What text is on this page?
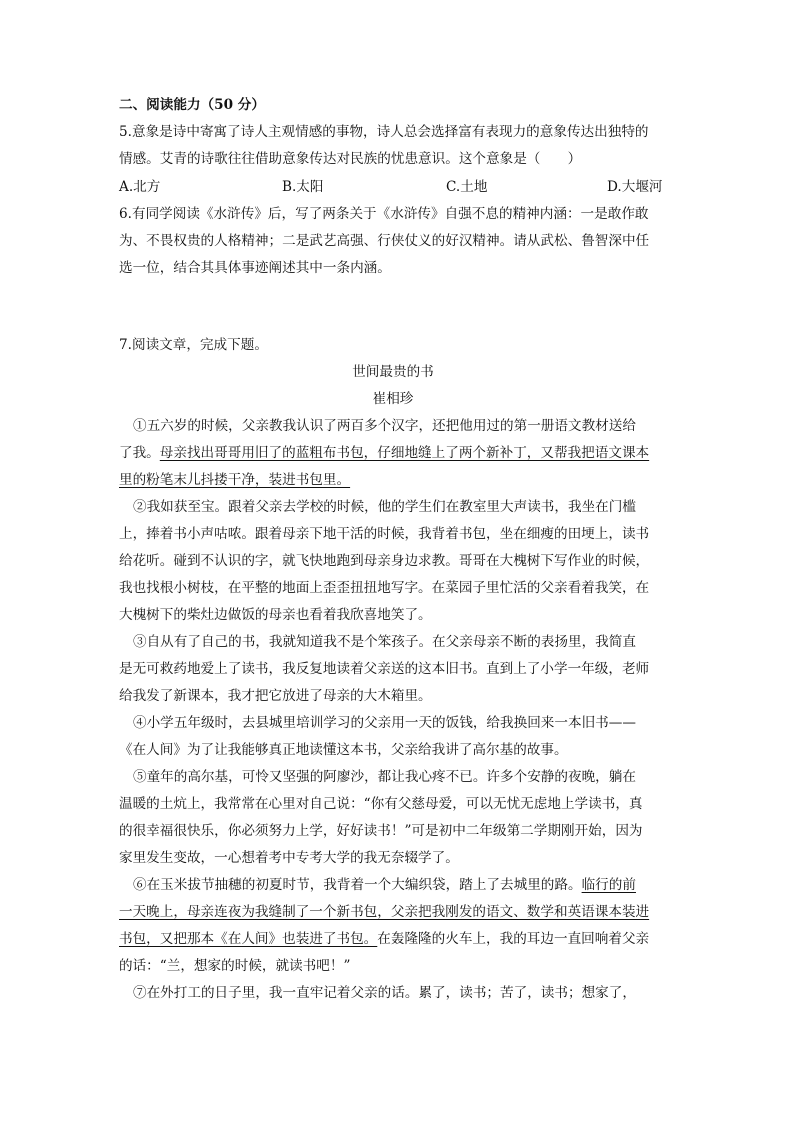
二、阅读能力（50 分）
5.意象是诗中寄寓了诗人主观情感的事物，诗人总会选择富有表现力的意象传达出独特的
情感。艾青的诗歌往往借助意象传达对民族的忧患意识。这个意象是（　　）
A.北方	B.太阳	C.土地	D.大堰河
6.有同学阅读《水浒传》后，写了两条关于《水浒传》自强不息的精神内涵：一是敢作敢
为、不畏权贵的人格精神；二是武艺高强、行侠仗义的好汉精神。请从武松、鲁智深中任
选一位，结合其具体事迹阐述其中一条内涵。
7.阅读文章，完成下题。
世间最贵的书
崔相珍
①五六岁的时候，父亲教我认识了两百多个汉字，还把他用过的第一册语文教材送给
了我。母亲找出哥哥用旧了的蓝粗布书包，仔细地缝上了两个新补丁，又帮我把语文课本
里的粉笔末儿抖搂干净，装进书包里。
②我如获至宝。跟着父亲去学校的时候，他的学生们在教室里大声读书，我坐在门槛
上，捧着书小声咕哝。跟着母亲下地干活的时候，我背着书包，坐在细瘦的田埂上，读书
给花听。碰到不认识的字，就飞快地跑到母亲身边求教。哥哥在大槐树下写作业的时候，
我也找根小树枝，在平整的地面上歪歪扭扭地写字。在菜园子里忙活的父亲看着我笑，在
大槐树下的柴灶边做饭的母亲也看着我欣喜地笑了。
③自从有了自己的书，我就知道我不是个笨孩子。在父亲母亲不断的表扬里，我简直
是无可救药地爱上了读书，我反复地读着父亲送的这本旧书。直到上了小学一年级，老师
给我发了新课本，我才把它放进了母亲的大木箱里。
④小学五年级时，去县城里培训学习的父亲用一天的饭钱，给我换回来一本旧书——
《在人间》为了让我能够真正地读懂这本书，父亲给我讲了高尔基的故事。
⑤童年的高尔基，可怜又坚强的阿廖沙，都让我心疼不已。许多个安静的夜晚，躺在
温暖的土炕上，我常常在心里对自己说：“你有父慈母爱，可以无忧无虑地上学读书，真
的很幸福很快乐，你必须努力上学，好好读书！”可是初中二年级第二学期刚开始，因为
家里发生变故，一心想着考中专考大学的我无奈辍学了。
⑥在玉米拔节抽穗的初夏时节，我背着一个大编织袋，踏上了去城里的路。临行的前
一天晚上，母亲连夜为我缝制了一个新书包，父亲把我刚发的语文、数学和英语课本装进
书包，又把那本《在人间》也装进了书包。在轰隆隆的火车上，我的耳边一直回响着父亲
的话：“兰，想家的时候，就读书吧！”
⑦在外打工的日子里，我一直牢记着父亲的话。累了，读书；苦了，读书；想家了，
